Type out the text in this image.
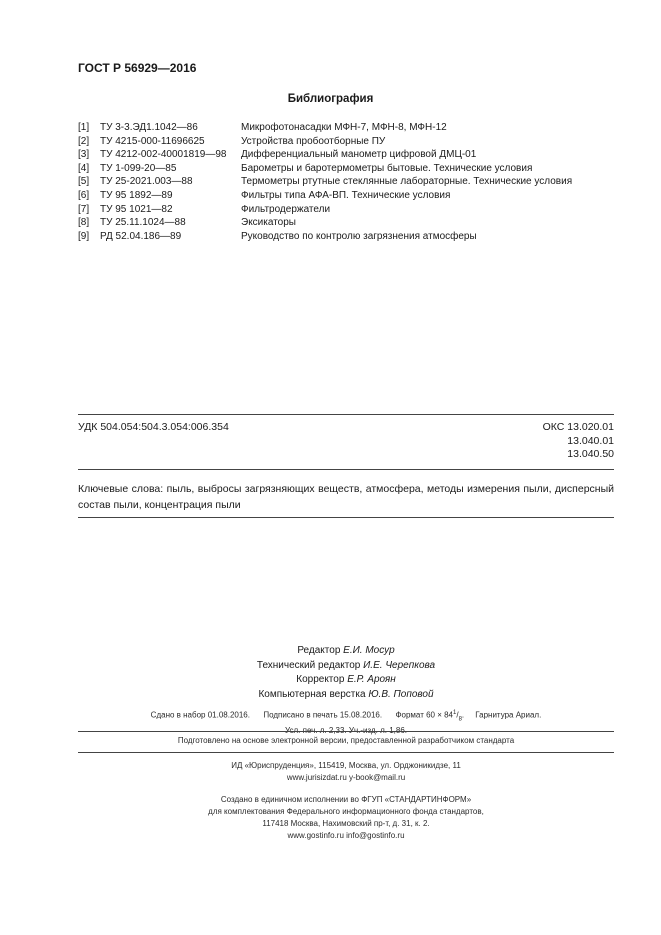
ГОСТ Р 56929—2016
Библиография
[1]	ТУ 3-3.ЭД1.1042—86	Микрофотонасадки МФН-7, МФН-8, МФН-12
[2]	ТУ 4215-000-11696625	Устройства пробоотборные ПУ
[3]	ТУ 4212-002-40001819—98	Дифференциальный манометр цифровой ДМЦ-01
[4]	ТУ 1-099-20—85	Барометры и баротермометры бытовые. Технические условия
[5]	ТУ 25-2021.003—88	Термометры ртутные стеклянные лабораторные. Технические условия
[6]	ТУ 95 1892—89	Фильтры типа АФА-ВП. Технические условия
[7]	ТУ 95 1021—82	Фильтродержатели
[8]	ТУ 25.11.1024—88	Эксикаторы
[9]	РД 52.04.186—89	Руководство по контролю загрязнения атмосферы
УДК 504.054:504.3.054:006.354	ОКС 13.020.01
13.040.01
13.040.50
Ключевые слова: пыль, выбросы загрязняющих веществ, атмосфера, методы измерения пыли, дисперсный состав пыли, концентрация пыли
Редактор Е.И. Мосур
Технический редактор И.Е. Черепкова
Корректор Е.Р. Ароян
Компьютерная верстка Ю.В. Поповой
Сдано в набор 01.08.2016. Подписано в печать 15.08.2016. Формат $60 \times 84^1/_8$.     Гарнитура Ариал.
Усл. печ. л. 2,33. Уч.-изд. л. 1,86.
Подготовлено на основе электронной версии, предоставленной разработчиком стандарта
ИД «Юриспруденция», 115419, Москва, ул. Орджоникидзе, 11
www.jurisizdat.ru y-book@mail.ru
Создано в единичном исполнении во ФГУП «СТАНДАРТИНФОРМ»
для комплектования Федерального информационного фонда стандартов,
117418 Москва, Нахимовский пр-т, д. 31, к. 2.
www.gostinfo.ru info@gostinfo.ru
